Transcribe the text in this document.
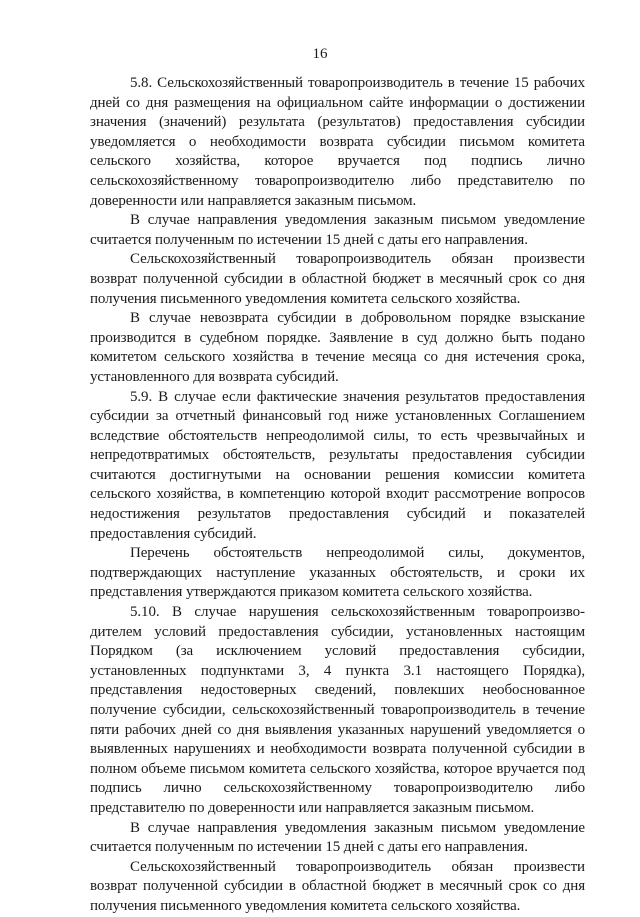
16

5.8. Сельскохозяйственный товаропроизводитель в течение 15 рабочих дней со дня размещения на официальном сайте информации о достижении значения (значений) результата (результатов) предоставления субсидии уведомляется о необходимости возврата субсидии письмом комитета сельского хозяйства, которое вручается под подпись лично сельскохозяйственному товаропроизводителю либо представителю по доверенности или направляется заказным письмом.

В случае направления уведомления заказным письмом уведомление считается полученным по истечении 15 дней с даты его направления.

Сельскохозяйственный товаропроизводитель обязан произвести возврат полученной субсидии в областной бюджет в месячный срок со дня получения письменного уведомления комитета сельского хозяйства.

В случае невозврата субсидии в добровольном порядке взыскание производится в судебном порядке. Заявление в суд должно быть подано комитетом сельского хозяйства в течение месяца со дня истечения срока, установленного для возврата субсидий.

5.9. В случае если фактические значения результатов предоставления субсидии за отчетный финансовый год ниже установленных Соглашением вследствие обстоятельств непреодолимой силы, то есть чрезвычайных и непредотвратимых обстоятельств, результаты предоставления субсидии считаются достигнутыми на основании решения комиссии комитета сельского хозяйства, в компетенцию которой входит рассмотрение вопросов недостижения результатов предоставления субсидий и показателей предоставления субсидий.

Перечень обстоятельств непреодолимой силы, документов, подтверждающих наступление указанных обстоятельств, и сроки их представления утверждаются приказом комитета сельского хозяйства.

5.10. В случае нарушения сельскохозяйственным товаропроизводителем условий предоставления субсидии, установленных настоящим Порядком (за исключением условий предоставления субсидии, установленных подпунктами 3, 4 пункта 3.1 настоящего Порядка), представления недостоверных сведений, повлекших необоснованное получение субсидии, сельскохозяйственный товаропроизводитель в течение пяти рабочих дней со дня выявления указанных нарушений уведомляется о выявленных нарушениях и необходимости возврата полученной субсидии в полном объеме письмом комитета сельского хозяйства, которое вручается под подпись лично сельскохозяйственному товаропроизводителю либо представителю по доверенности или направляется заказным письмом.

В случае направления уведомления заказным письмом уведомление считается полученным по истечении 15 дней с даты его направления.

Сельскохозяйственный товаропроизводитель обязан произвести возврат полученной субсидии в областной бюджет в месячный срок со дня получения письменного уведомления комитета сельского хозяйства.
